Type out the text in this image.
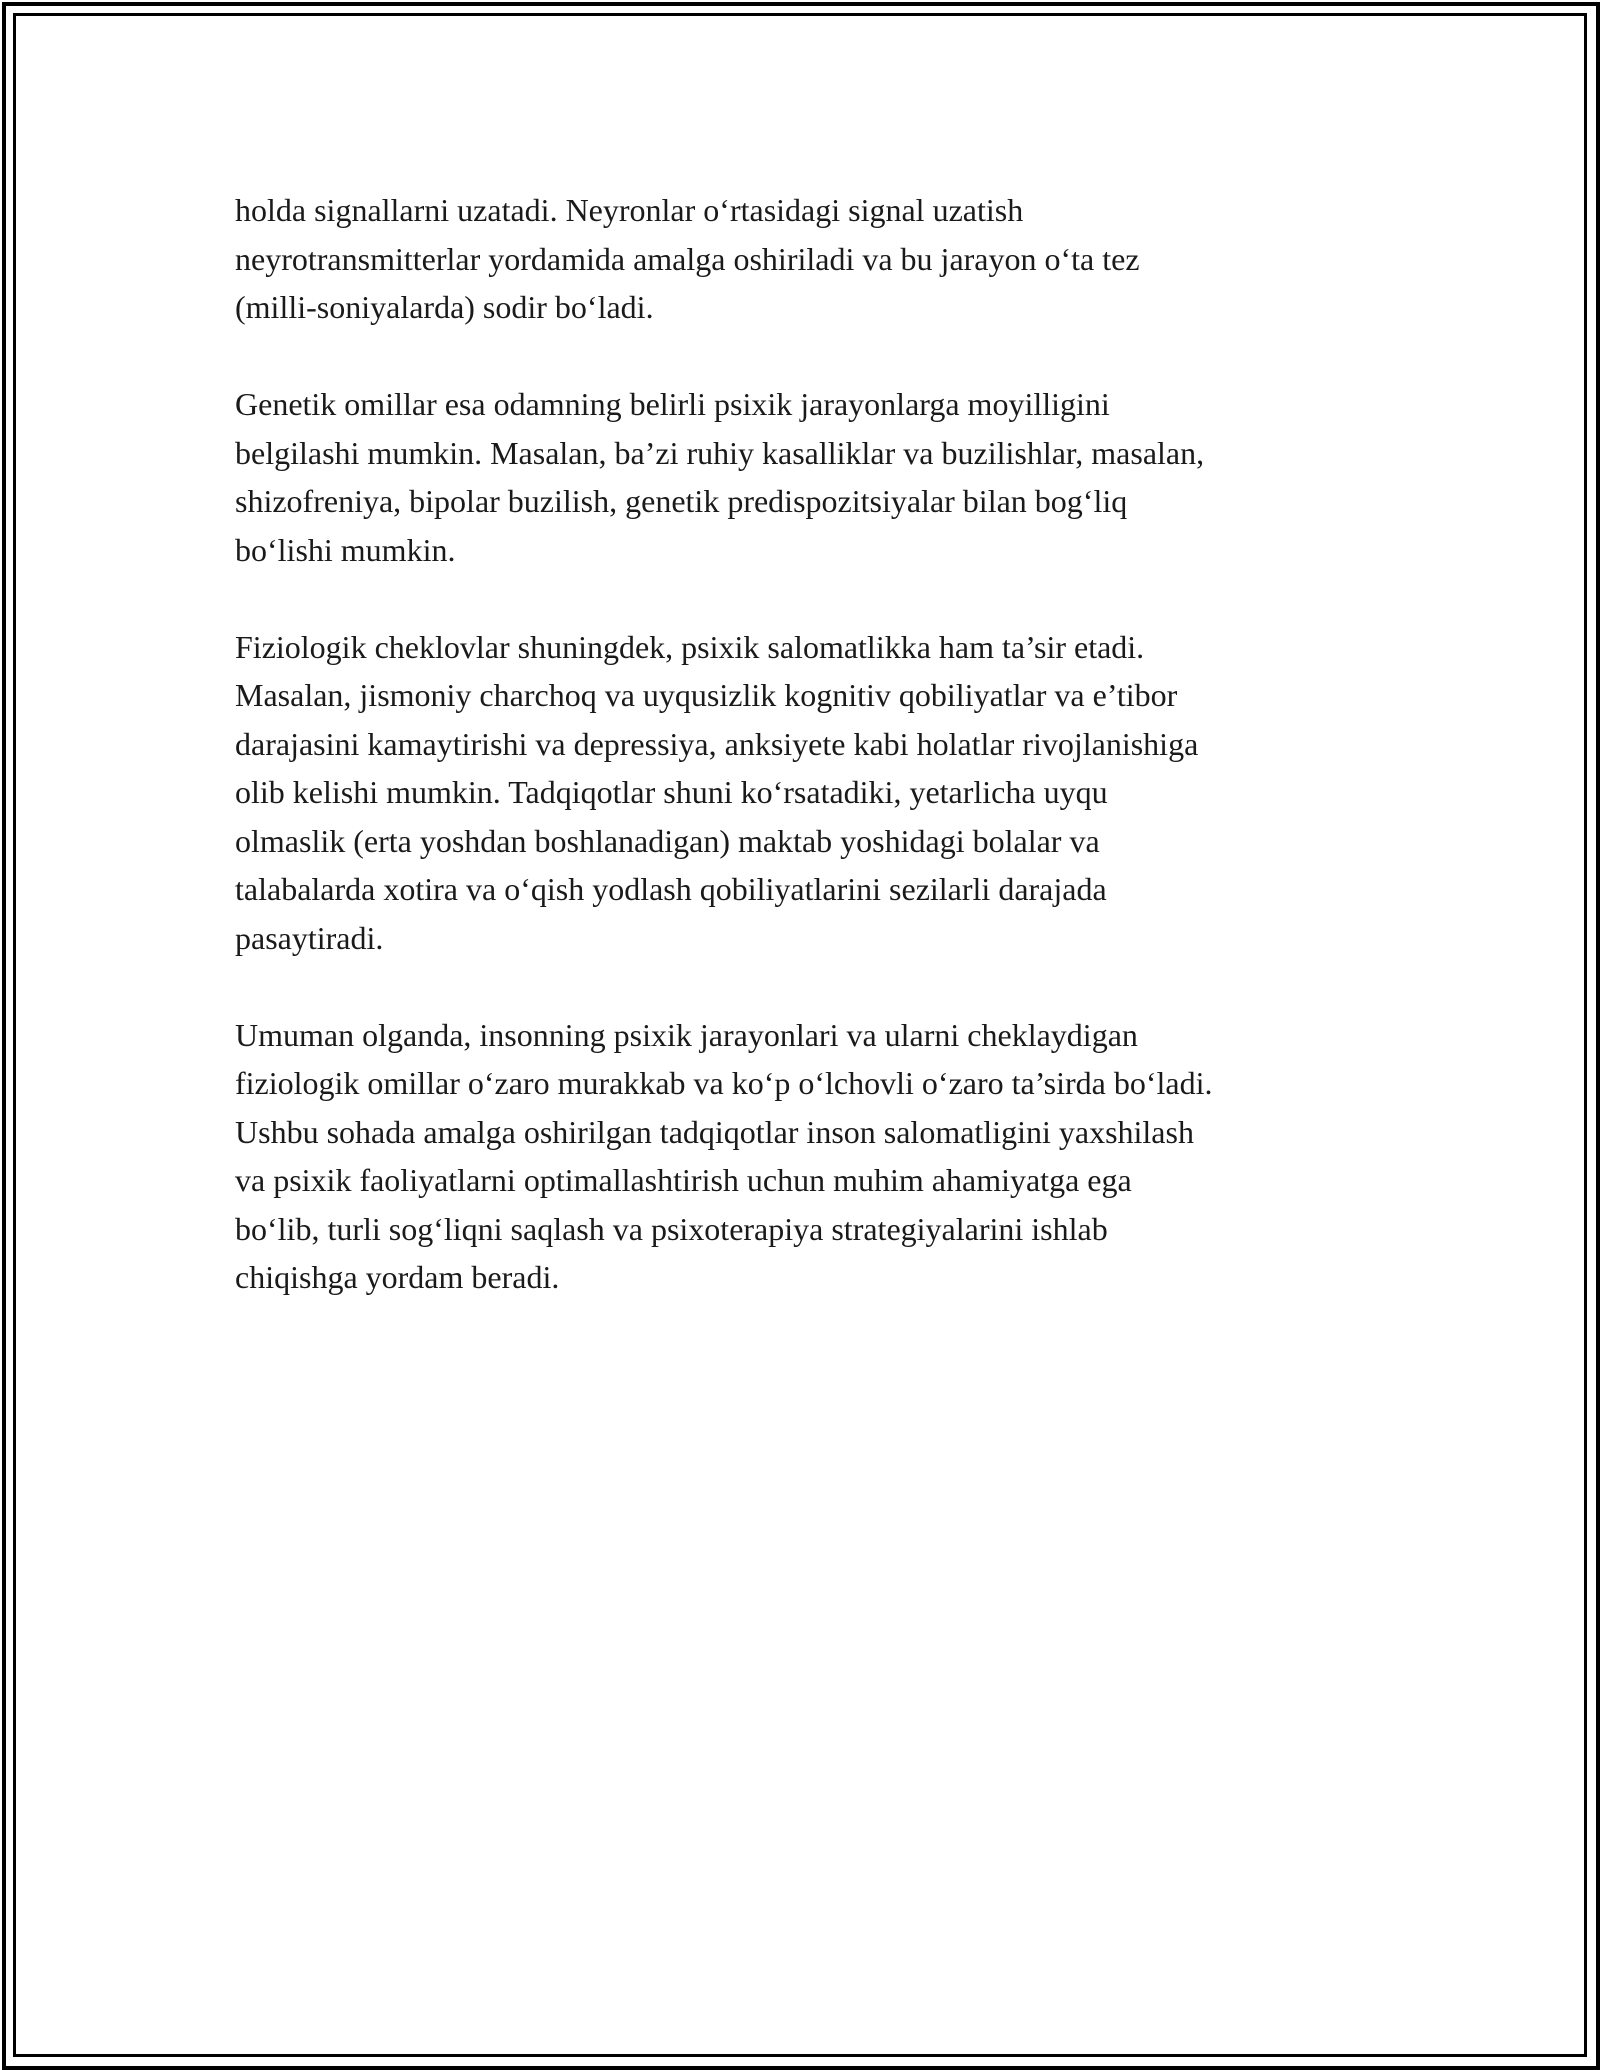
holda signallarni uzatadi. Neyronlar o‘rtasidagi signal uzatish
neyrotransmitterlar yordamida amalga oshiriladi va bu jarayon o‘ta tez
(milli-soniyalarda) sodir bo‘ladi.
Genetik omillar esa odamning belirli psixik jarayonlarga moyilligini
belgilashi mumkin. Masalan, ba’zi ruhiy kasalliklar va buzilishlar, masalan,
shizofreniya, bipolar buzilish, genetik predispozitsiyalar bilan bog‘liq
bo‘lishi mumkin.
Fiziologik cheklovlar shuningdek, psixik salomatlikka ham ta’sir etadi.
Masalan, jismoniy charchoq va uyqusizlik kognitiv qobiliyatlar va e’tibor
darajasini kamaytirishi va depressiya, anksiyete kabi holatlar rivojlanishiga
olib kelishi mumkin. Tadqiqotlar shuni ko‘rsatadiki, yetarlicha uyqu
olmaslik (erta yoshdan boshlanadigan) maktab yoshidagi bolalar va
talabalarda xotira va o‘qish yodlash qobiliyatlarini sezilarli darajada
pasaytiradi.
Umuman olganda, insonning psixik jarayonlari va ularni cheklaydigan
fiziologik omillar o‘zaro murakkab va ko‘p o‘lchovli o‘zaro ta’sirda bo‘ladi.
Ushbu sohada amalga oshirilgan tadqiqotlar inson salomatligini yaxshilash
va psixik faoliyatlarni optimallashtirish uchun muhim ahamiyatga ega
bo‘lib, turli sog‘liqni saqlash va psixoterapiya strategiyalarini ishlab
chiqishga yordam beradi.
